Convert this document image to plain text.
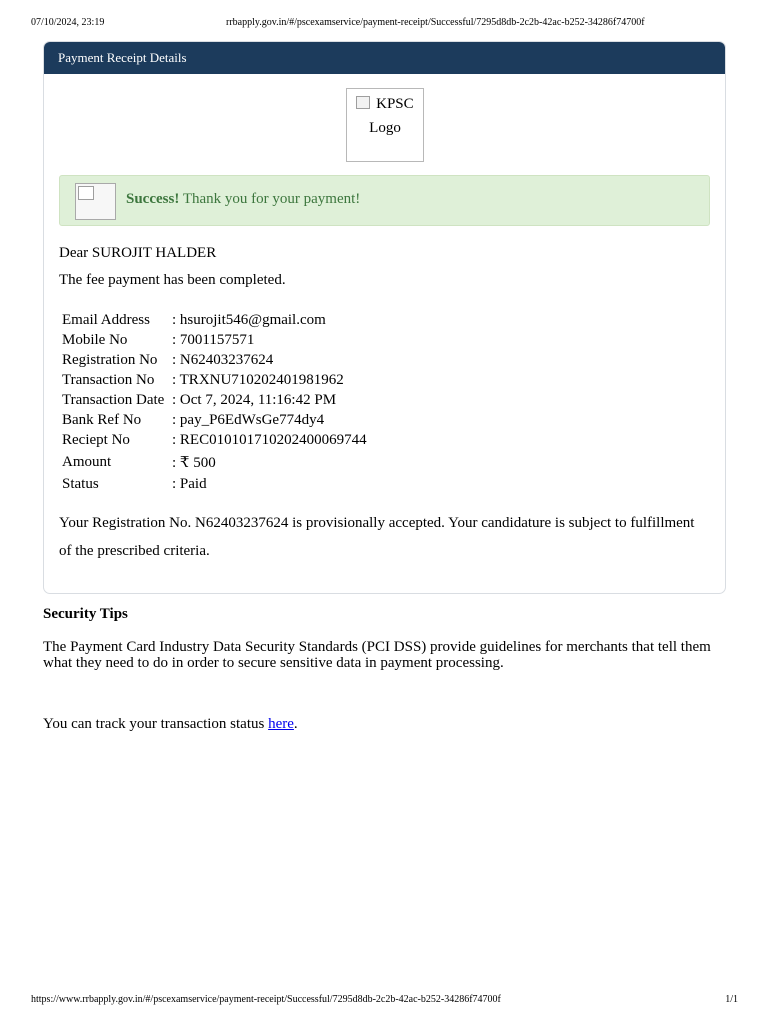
07/10/2024, 23:19	rrbapply.gov.in/#/pscexamservice/payment-receipt/Successful/7295d8db-2c2b-42ac-b252-34286f74700f
Payment Receipt Details
KPSC
Logo
Success! Thank you for your payment!
Dear SUROJIT HALDER
The fee payment has been completed.
Email Address	: hsurojit546@gmail.com
Mobile No	: 7001157571
Registration No	: N62403237624
Transaction No	: TRXNU710202401981962
Transaction Date	: Oct 7, 2024, 11:16:42 PM
Bank Ref No	: pay_P6EdWsGe774dy4
Reciept No	: REC010101710202400069744
Amount	: ₹ 500
Status	: Paid
Your Registration No. N62403237624 is provisionally accepted. Your candidature is subject to fulfillment of the prescribed criteria.
Security Tips
The Payment Card Industry Data Security Standards (PCI DSS) provide guidelines for merchants that tell them what they need to do in order to secure sensitive data in payment processing.
You can track your transaction status here.
https://www.rrbapply.gov.in/#/pscexamservice/payment-receipt/Successful/7295d8db-2c2b-42ac-b252-34286f74700f	1/1
